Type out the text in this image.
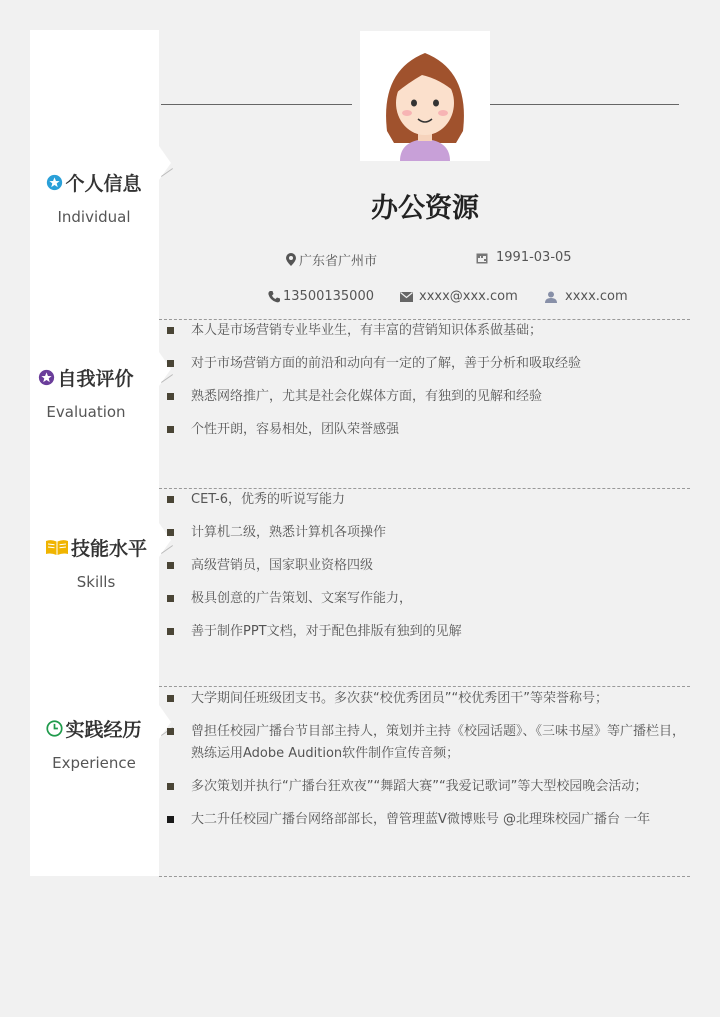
个人信息
Individual
自我评价
Evaluation
技能水平
Skills
实践经历
Experience
办公资源
广东省广州市	1991-03-05
13500135000	xxxx@xxx.com	xxxx.com
本人是市场营销专业毕业生，有丰富的营销知识体系做基础；
对于市场营销方面的前沿和动向有一定的了解，善于分析和吸取经验
熟悉网络推广，尤其是社会化媒体方面，有独到的见解和经验
个性开朗，容易相处，团队荣誉感强
CET-6，优秀的听说写能力
计算机二级，熟悉计算机各项操作
高级营销员，国家职业资格四级
极具创意的广告策划、文案写作能力，
善于制作PPT文档，对于配色排版有独到的见解
大学期间任班级团支书。多次获“校优秀团员”“校优秀团干”等荣誉称号；
曾担任校园广播台节目部主持人，策划并主持《校园话题》、《三味书屋》等广播栏目，熟练运用Adobe Audition软件制作宣传音频；
多次策划并执行“广播台狂欢夜”“舞蹈大赛”“我爱记歌词”等大型校园晚会活动；
大二升任校园广播台网络部部长，曾管理蓝V微博账号 @北理珠校园广播台 一年
